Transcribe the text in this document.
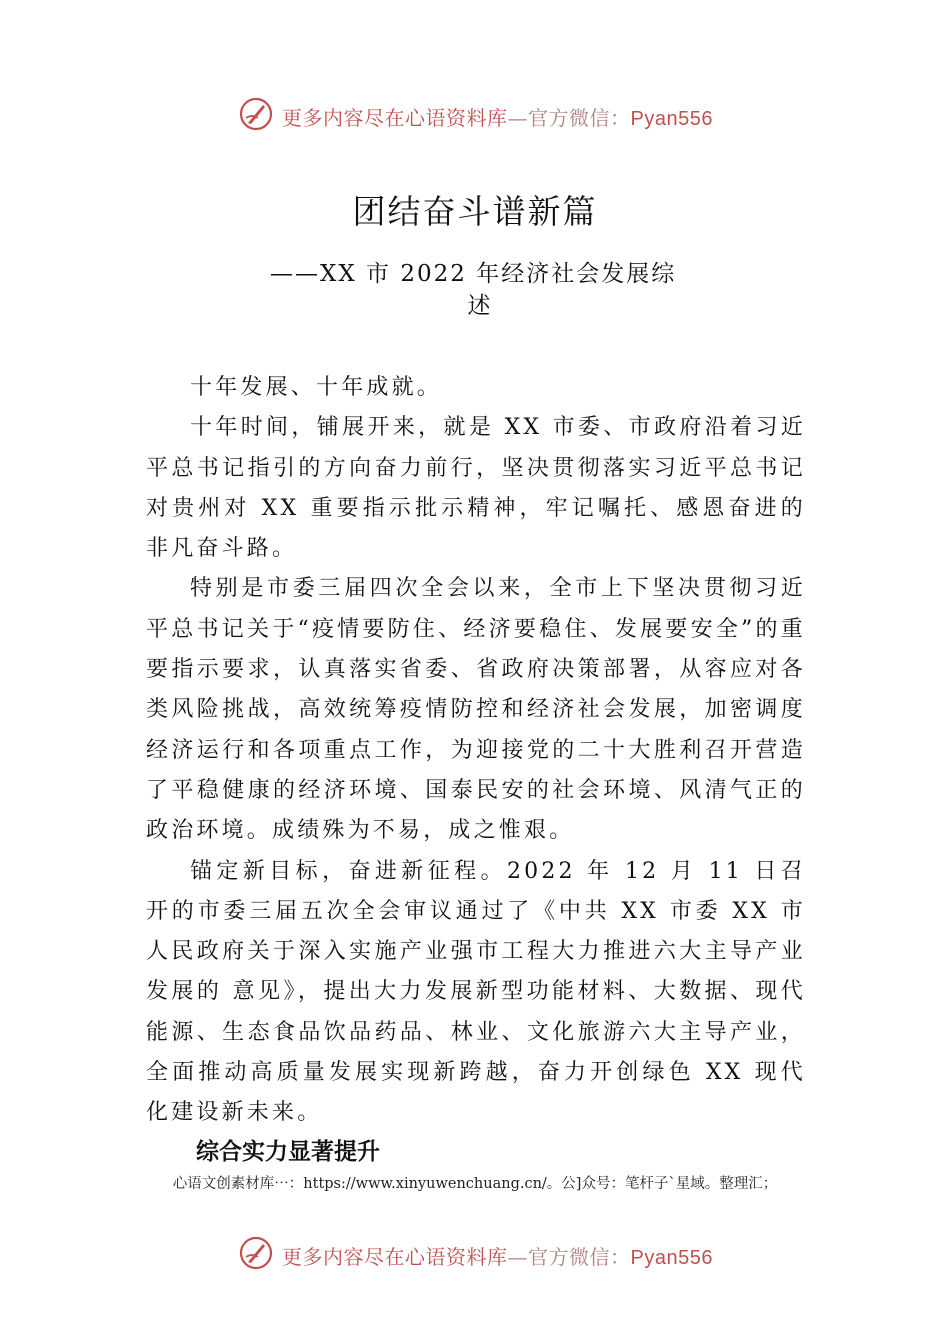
更多内容尽在心语资料库—官方微信：Pyan556
团结奋斗谱新篇
——XX 市 2022 年经济社会发展综
述

十年发展、十年成就。

十年时间，铺展开来，就是 XX 市委、市政府沿着习近平总书记指引的方向奋力前行，坚决贯彻落实习近平总书记对贵州对 XX 重要指示批示精神，牢记嘱托、感恩奋进的非凡奋斗路。

特别是市委三届四次全会以来，全市上下坚决贯彻习近平总书记关于“疫情要防住、经济要稳住、发展要安全”的重要指示要求，认真落实省委、省政府决策部署，从容应对各类风险挑战，高效统筹疫情防控和经济社会发展，加密调度经济运行和各项重点工作，为迎接党的二十大胜利召开营造了平稳健康的经济环境、国泰民安的社会环境、风清气正的政治环境。成绩殊为不易，成之惟艰。

锚定新目标，奋进新征程。2022 年 12 月 11 日召开的市委三届五次全会审议通过了《中共 XX 市委 XX 市人民政府关于深入实施产业强市工程大力推进六大主导产业发展的 意见》，提出大力发展新型功能材料、大数据、现代能源、生态食品饮品药品、林业、文化旅游六大主导产业，全面推动高质量发展实现新跨越，奋力开创绿色 XX 现代化建设新未来。

综合实力显著提升
心语文创素材库⋯：https://www.xinyuwenchuang.cn/。公]众号：笔杆子`星域。整理汇；
更多内容尽在心语资料库—官方微信：Pyan556
